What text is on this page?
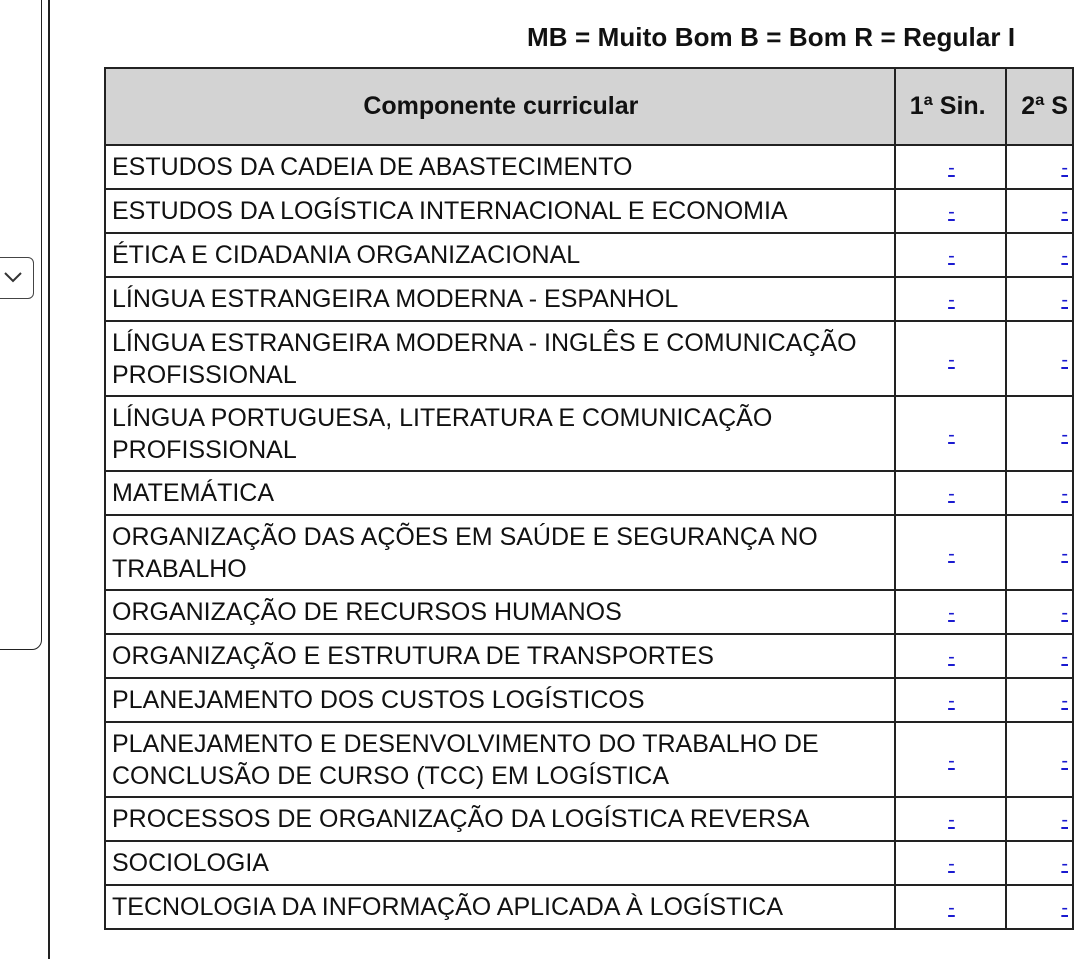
MB = Muito Bom B = Bom R = Regular I
Componente curricular	1ª Sin.	2ª S
ESTUDOS DA CADEIA DE ABASTECIMENTO	-	-
ESTUDOS DA LOGÍSTICA INTERNACIONAL E ECONOMIA	-	-
ÉTICA E CIDADANIA ORGANIZACIONAL	-	-
LÍNGUA ESTRANGEIRA MODERNA - ESPANHOL	-	-
LÍNGUA ESTRANGEIRA MODERNA - INGLÊS E COMUNICAÇÃO PROFISSIONAL	-	-
LÍNGUA PORTUGUESA, LITERATURA E COMUNICAÇÃO PROFISSIONAL	-	-
MATEMÁTICA	-	-
ORGANIZAÇÃO DAS AÇÕES EM SAÚDE E SEGURANÇA NO TRABALHO	-	-
ORGANIZAÇÃO DE RECURSOS HUMANOS	-	-
ORGANIZAÇÃO E ESTRUTURA DE TRANSPORTES	-	-
PLANEJAMENTO DOS CUSTOS LOGÍSTICOS	-	-
PLANEJAMENTO E DESENVOLVIMENTO DO TRABALHO DE CONCLUSÃO DE CURSO (TCC) EM LOGÍSTICA	-	-
PROCESSOS DE ORGANIZAÇÃO DA LOGÍSTICA REVERSA	-	-
SOCIOLOGIA	-	-
TECNOLOGIA DA INFORMAÇÃO APLICADA À LOGÍSTICA	-	-
